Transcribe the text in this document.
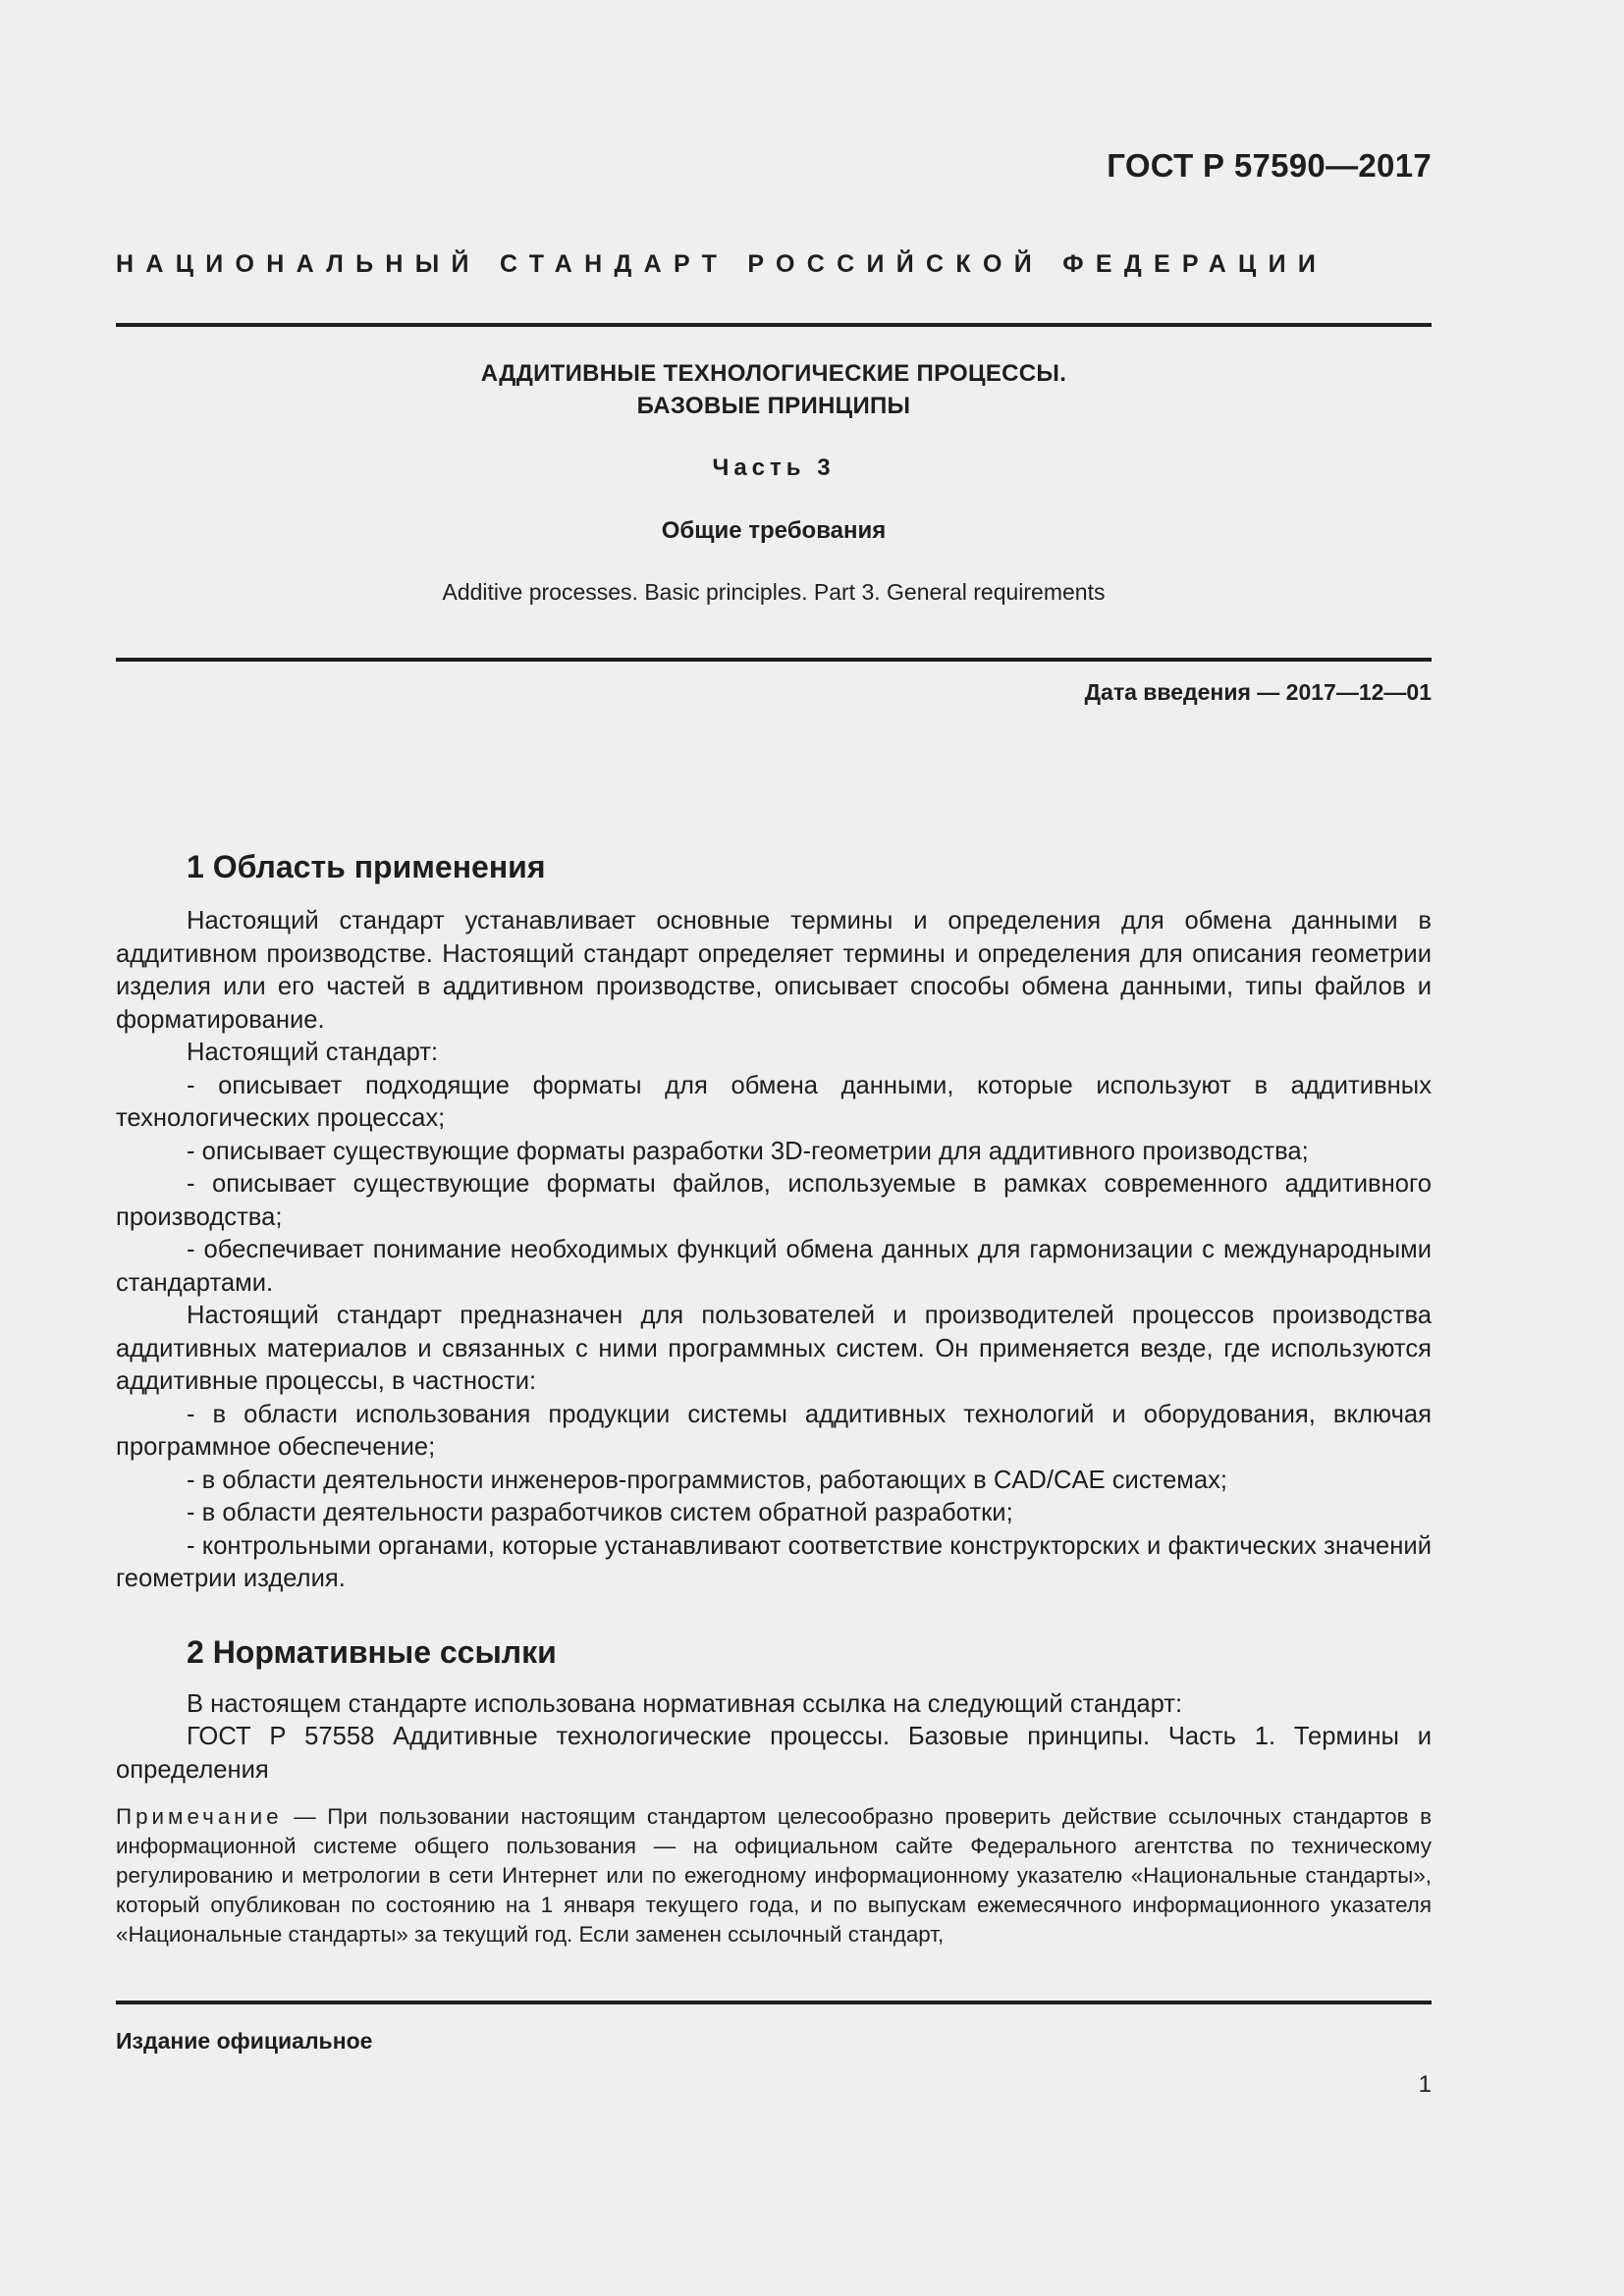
ГОСТ Р 57590—2017
НАЦИОНАЛЬНЫЙ СТАНДАРТ РОССИЙСКОЙ ФЕДЕРАЦИИ
АДДИТИВНЫЕ ТЕХНОЛОГИЧЕСКИЕ ПРОЦЕССЫ.
БАЗОВЫЕ ПРИНЦИПЫ
Часть 3
Общие требования
Additive processes. Basic principles. Part 3. General requirements
Дата введения — 2017—12—01
1 Область применения

Настоящий стандарт устанавливает основные термины и определения для обмена данными в аддитивном производстве. Настоящий стандарт определяет термины и определения для описания геометрии изделия или его частей в аддитивном производстве, описывает способы обмена данными, типы файлов и форматирование.

Настоящий стандарт:

- описывает подходящие форматы для обмена данными, которые используют в аддитивных технологических процессах;

- описывает существующие форматы разработки 3D-геометрии для аддитивного производства;

- описывает существующие форматы файлов, используемые в рамках современного аддитивного производства;

- обеспечивает понимание необходимых функций обмена данных для гармонизации с международными стандартами.

Настоящий стандарт предназначен для пользователей и производителей процессов производства аддитивных материалов и связанных с ними программных систем. Он применяется везде, где используются аддитивные процессы, в частности:

- в области использования продукции системы аддитивных технологий и оборудования, включая программное обеспечение;

- в области деятельности инженеров-программистов, работающих в CAD/CAE системах;

- в области деятельности разработчиков систем обратной разработки;

- контрольными органами, которые устанавливают соответствие конструкторских и фактических значений геометрии изделия.

2 Нормативные ссылки

В настоящем стандарте использована нормативная ссылка на следующий стандарт:

ГОСТ Р 57558 Аддитивные технологические процессы. Базовые принципы. Часть 1. Термины и определения

Примечание — При пользовании настоящим стандартом целесообразно проверить действие ссылочных стандартов в информационной системе общего пользования — на официальном сайте Федерального агентства по техническому регулированию и метрологии в сети Интернет или по ежегодному информационному указателю «Национальные стандарты», который опубликован по состоянию на 1 января текущего года, и по выпускам ежемесячного информационного указателя «Национальные стандарты» за текущий год. Если заменен ссылочный стандарт,
Издание официальное
1
